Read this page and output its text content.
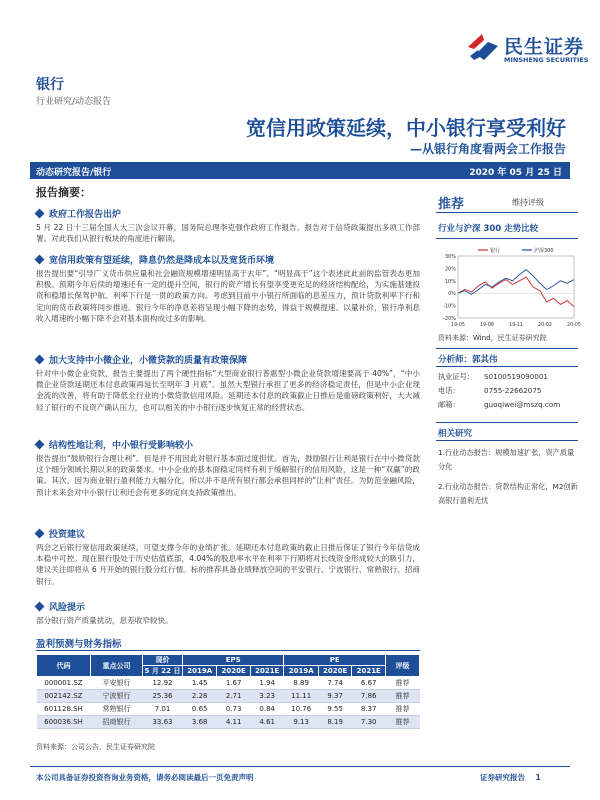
民生证券
MINSHENG SECURITIES
银行
行业研究/动态报告
宽信用政策延续，中小银行享受利好
—从银行角度看两会工作报告
动态研究报告/银行	2020 年 05 月 25 日
报告摘要：
政府工作报告出炉
5 月 22 日十三届全国人大三次会议开幕，国务院总理李克强作政府工作报告。报告对于信贷政策提出多项工作部署。对此我们从银行板块的角度进行解读。
宽信用政策有望延续，降息仍然是降成本以及宽货币环境
报告提出要“引导广义货币供应量和社会融资规模增速明显高于去年”。“明显高于”这个表述此此前的监管表态更加积极。预期今年后续的增速还有一定的提升空间，银行的资产增长有望享受更充足的经济结构配给，为实施基建投资和稳增长保驾护航。利率下行是一贯的政策方向。考虑到目前中小银行所面临的息差压力，预计贷款利率下行和定向的货币政策将同步推进。银行今年的净息差将呈现小幅下降的态势，得益于规模提速、以量补价，银行净利息收入增速的小幅下降不会对基本面构成过多的影响。
加大支持中小微企业，小微贷款的质量有政策保障
针对中小微企业贷款，报告主要提出了两个硬性指标“大型商业银行普惠型小微企业贷款增速要高于 40%”，“中小微企业贷款延期还本付息政策再延长至明年 3 月底”。虽然大型银行承担了更多的经济稳定责任，但是中小企业现金流的改善，将有助于降低全行业的小微贷款信用风险。延期还本付息的政策截止日推后是重磅政策利好，大大减轻了银行的不良资产确认压力，也可以相关的中小银行逐步恢复正常的经营状态。
结构性地让利，中小银行受影响较小
报告提出“鼓励银行合理让利”。但是并不用因此对银行基本面过度担忧。首先，鼓励银行让利是银行在中小微贷款这个细分领域长期以来的政策要求。中小企业的基本面稳定同样有利于缓解银行的信用风险，这是一种“双赢”的政策。其次，因为商业银行盈利能力大幅分化，所以并不是所有银行都会承担同样的“让利”责任。为防范金融风险，预计未来会对中小银行让利还会有更多的定向支持政策推出。
投资建议
两会之后银行宽信用政策延续，可望支撑今年的业绩扩张。延期还本付息政策的截止日推后保证了银行今年信贷成本稳中可控。现在银行股处于历史估值底部，4.04%的股息率水平在利率下行期将对长线资金形成较大的吸引力，建议关注即将从 6 月开始的银行股分红行情。标的推荐具备业绩释放空间的平安银行、宁波银行、常熟银行、招商银行。
风险提示
部分银行资产质量扰动，息差收窄较快。
盈利预测与财务指标
代码	重点公司	现价	EPS			PE			评级
		5 月 22 日	2019A	2020E	2021E	2019A	2020E	2021E	
000001.SZ	平安银行	12.92	1.45	1.67	1.94	8.89	7.74	6.67	推荐
002142.SZ	宁波银行	25.36	2.28	2.71	3.23	11.11	9.37	7.86	推荐
601128.SH	常熟银行	7.01	0.65	0.73	0.84	10.76	9.55	8.37	推荐
600036.SH	招商银行	33.63	3.68	4.11	4.61	9.13	8.19	7.30	推荐
资料来源：公司公告，民生证券研究院
推荐	维持评级
行业与沪深 300 走势比较
30%
20%
10%
0%
-10%
-20%
19-05	19-08	19-11	20-02	20-05
银行	沪深300
资料来源：Wind，民生证券研究院
分析师：郭其伟
执业证号： S0100519090001
电话：	0755-22662075
邮箱：	guoqiwei@mszq.com
相关研究
1.行业动态报告：规模加速扩张，资产质量分化
2.行业动态报告：贷款结构正常化，M2创新高银行盈利无忧
本公司具备证券投资咨询业务资格，请务必阅读最后一页免责声明	证券研究报告 1
